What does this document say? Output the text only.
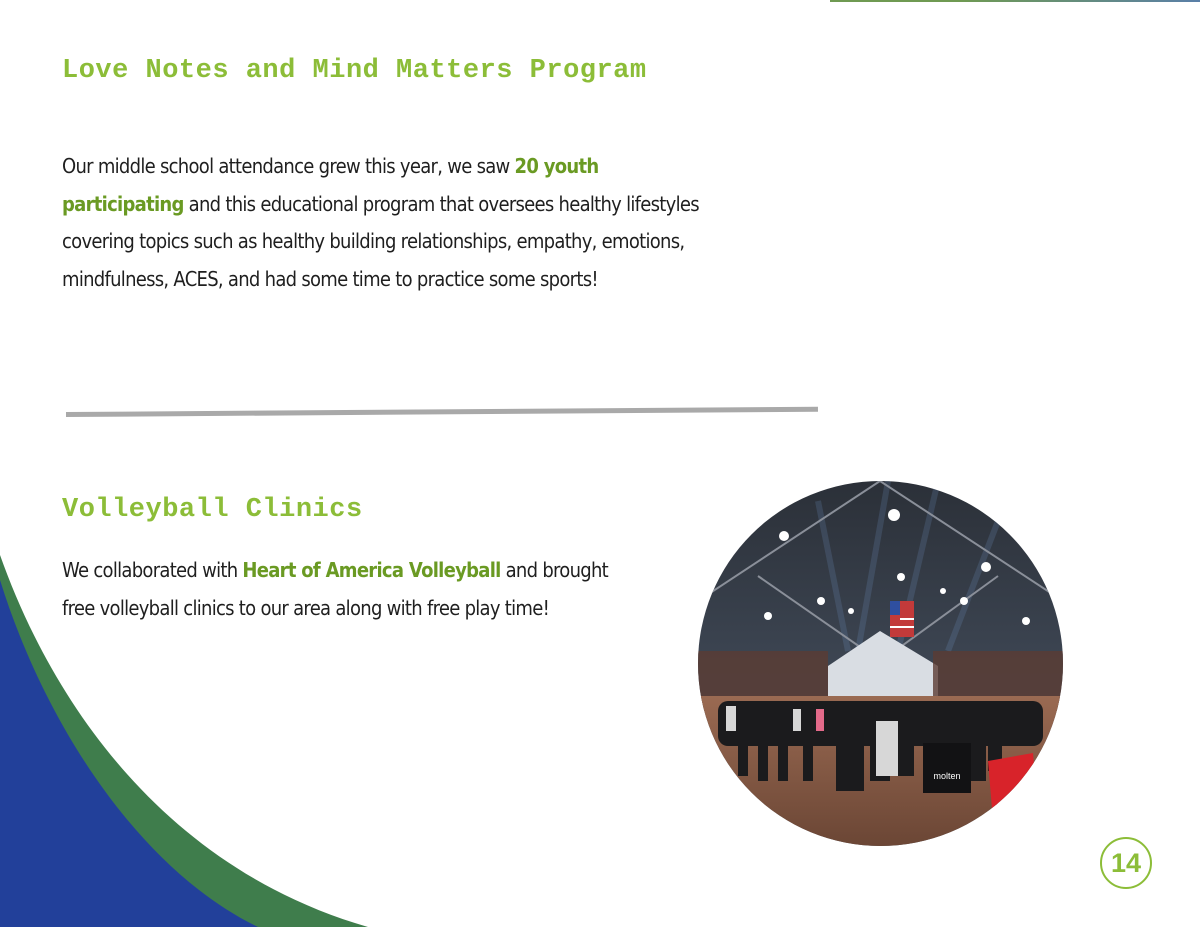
Love Notes and Mind Matters Program

Our middle school attendance grew this year, we saw 20 youth participating and this educational program that oversees healthy lifestyles covering topics such as healthy building relationships, empathy, emotions, mindfulness, ACES, and had some time to practice some sports!

Volleyball Clinics

We collaborated with Heart of America Volleyball and brought free volleyball clinics to our area along with free play time!

molten
14
